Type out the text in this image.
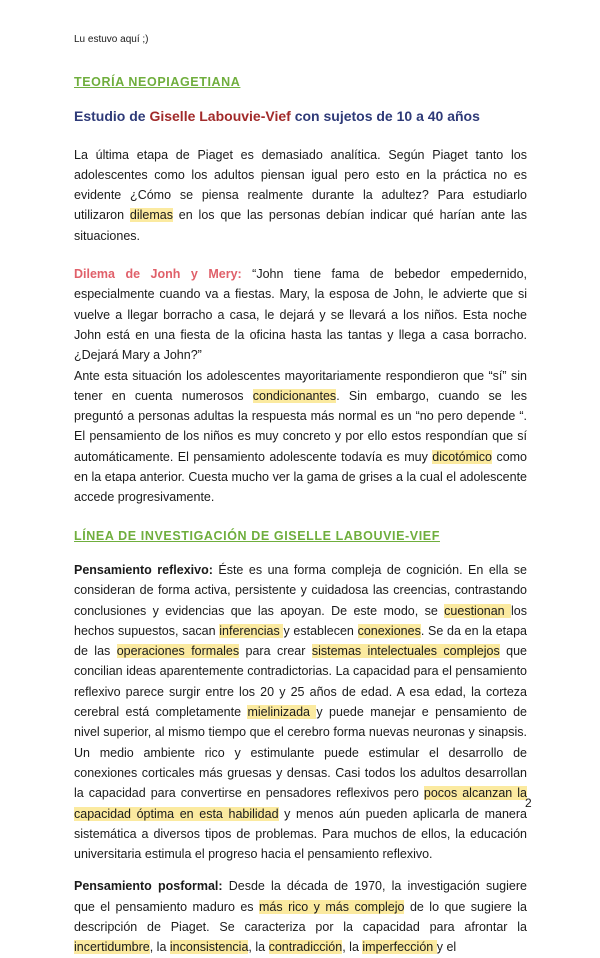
Lu estuvo aquí ;)
TEORÍA NEOPIAGETIANA
Estudio de Giselle Labouvie-Vief con sujetos de 10 a 40 años

La última etapa de Piaget es demasiado analítica. Según Piaget tanto los adolescentes como los adultos piensan igual pero esto en la práctica no es evidente ¿Cómo se piensa realmente durante la adultez? Para estudiarlo utilizaron dilemas en los que las personas debían indicar qué harían ante las situaciones.

Dilema de Jonh y Mery: “John tiene fama de bebedor empedernido, especialmente cuando va a fiestas. Mary, la esposa de John, le advierte que si vuelve a llegar borracho a casa, le dejará y se llevará a los niños. Esta noche John está en una fiesta de la oficina hasta las tantas y llega a casa borracho. ¿Dejará Mary a John?”

Ante esta situación los adolescentes mayoritariamente respondieron que “sí” sin tener en cuenta numerosos condicionantes. Sin embargo, cuando se les preguntó a personas adultas la respuesta más normal es un “no pero depende “. El pensamiento de los niños es muy concreto y por ello estos respondían que sí automáticamente. El pensamiento adolescente todavía es muy dicotómico como en la etapa anterior. Cuesta mucho ver la gama de grises a la cual el adolescente accede progresivamente.

LÍNEA DE INVESTIGACIÓN DE GISELLE LABOUVIE-VIEF

Pensamiento reflexivo: Éste es una forma compleja de cognición. En ella se consideran de forma activa, persistente y cuidadosa las creencias, contrastando conclusiones y evidencias que las apoyan. De este modo, se cuestionan los hechos supuestos, sacan inferencias y establecen conexiones. Se da en la etapa de las operaciones formales para crear sistemas intelectuales complejos que concilian ideas aparentemente contradictorias. La capacidad para el pensamiento reflexivo parece surgir entre los 20 y 25 años de edad. A esa edad, la corteza cerebral está completamente mielinizada y puede manejar e pensamiento de nivel superior, al mismo tiempo que el cerebro forma nuevas neuronas y sinapsis. Un medio ambiente rico y estimulante puede estimular el desarrollo de conexiones corticales más gruesas y densas. Casi todos los adultos desarrollan la capacidad para convertirse en pensadores reflexivos pero pocos alcanzan la capacidad óptima en esta habilidad y menos aún pueden aplicarla de manera sistemática a diversos tipos de problemas. Para muchos de ellos, la educación universitaria estimula el progreso hacia el pensamiento reflexivo.

Pensamiento posformal: Desde la década de 1970, la investigación sugiere que el pensamiento maduro es más rico y más complejo de lo que sugiere la descripción de Piaget. Se caracteriza por la capacidad para afrontar la incertidumbre, la inconsistencia, la contradicción, la imperfección y el

2
